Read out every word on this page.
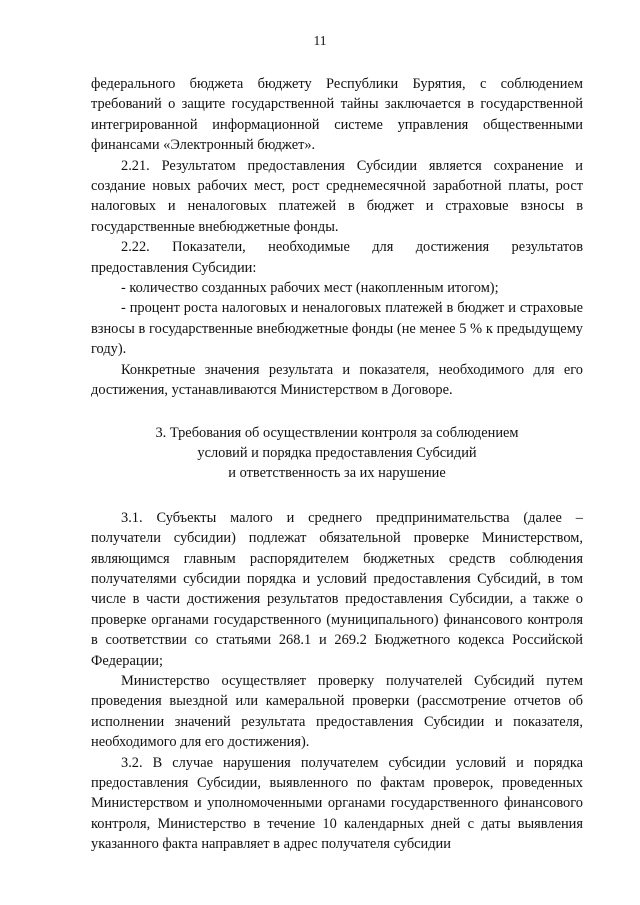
11

федерального бюджета бюджету Республики Бурятия, с соблюдением требований о защите государственной тайны заключается в государственной интегрированной информационной системе управления общественными финансами «Электронный бюджет».

2.21. Результатом предоставления Субсидии является сохранение и создание новых рабочих мест, рост среднемесячной заработной платы, рост налоговых и неналоговых платежей в бюджет и страховые взносы в государственные внебюджетные фонды.

2.22. Показатели, необходимые для достижения результатов предоставления Субсидии:

- количество созданных рабочих мест (накопленным итогом);

- процент роста налоговых и неналоговых платежей в бюджет и страховые взносы в государственные внебюджетные фонды (не менее 5 % к предыдущему году).

Конкретные значения результата и показателя, необходимого для его достижения, устанавливаются Министерством в Договоре.

3. Требования об осуществлении контроля за соблюдением
условий и порядка предоставления Субсидий
и ответственность за их нарушение

3.1. Субъекты малого и среднего предпринимательства (далее – получатели субсидии) подлежат обязательной проверке Министерством, являющимся главным распорядителем бюджетных средств соблюдения получателями субсидии порядка и условий предоставления Субсидий, в том числе в части достижения результатов предоставления Субсидии, а также о проверке органами государственного (муниципального) финансового контроля в соответствии со статьями 268.1 и 269.2 Бюджетного кодекса Российской Федерации;

Министерство осуществляет проверку получателей Субсидий путем проведения выездной или камеральной проверки (рассмотрение отчетов об исполнении значений результата предоставления Субсидии и показателя, необходимого для его достижения).

3.2. В случае нарушения получателем субсидии условий и порядка предоставления Субсидии, выявленного по фактам проверок, проведенных Министерством и уполномоченными органами государственного финансового контроля, Министерство в течение 10 календарных дней с даты выявления указанного факта направляет в адрес получателя субсидии
